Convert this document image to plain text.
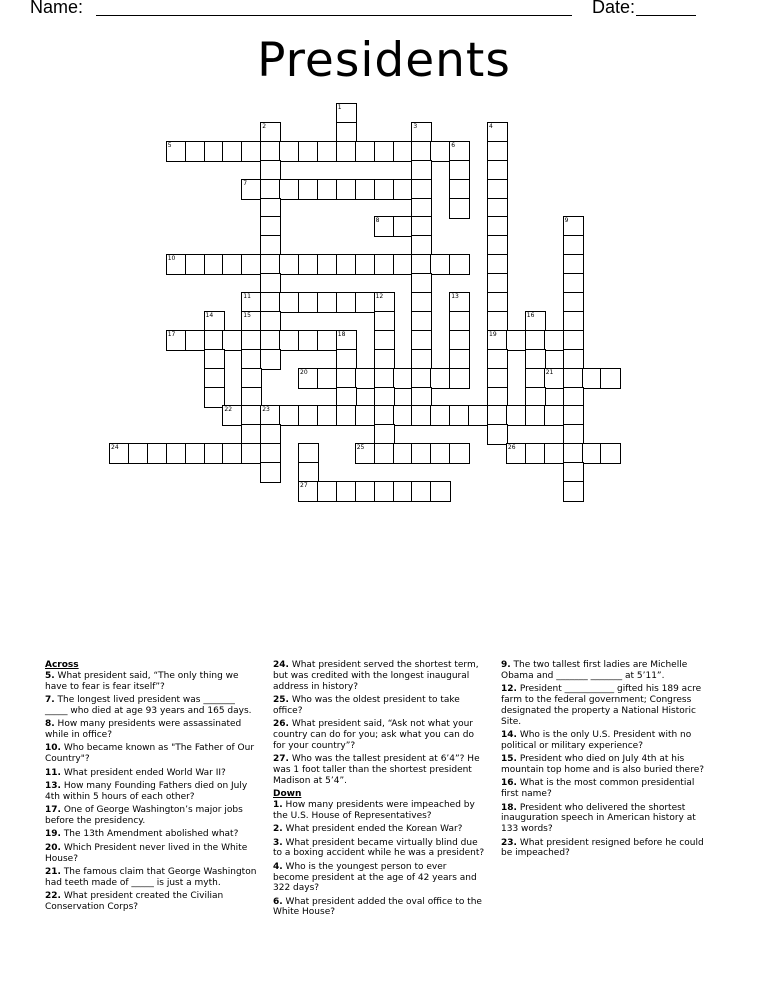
Name:	Date:
Presidents
1
2	3	4
5	6
7
8	9
10
11	12	13
14	15	16
17	18	19
20	21
22	23
24	25	26
27
Across
5. What president said, “The only thing we have to fear is fear itself”?
7. The longest lived president was _______ _____ who died at age 93 years and 165 days.
8. How many presidents were assassinated while in office?
10. Who became known as "The Father of Our Country"?
11. What president ended World War II?
13. How many Founding Fathers died on July 4th within 5 hours of each other?
17. One of George Washington’s major jobs before the presidency.
19. The 13th Amendment abolished what?
20. Which President never lived in the White House?
21. The famous claim that George Washington had teeth made of _____ is just a myth.
22. What president created the Civilian Conservation Corps?
24. What president served the shortest term, but was credited with the longest inaugural address in history?
25. Who was the oldest president to take office?
26. What president said, “Ask not what your country can do for you; ask what you can do for your country”?
27. Who was the tallest president at 6’4”? He was 1 foot taller than the shortest president Madison at 5’4”.
Down
1. How many presidents were impeached by the U.S. House of Representatives?
2. What president ended the Korean War?
3. What president became virtually blind due to a boxing accident while he was a president?
4. Who is the youngest person to ever become president at the age of 42 years and 322 days?
6. What president added the oval office to the White House?
9. The two tallest first ladies are Michelle Obama and _______ _______ at 5’11”.
12. President ___________ gifted his 189 acre farm to the federal government; Congress designated the property a National Historic Site.
14. Who is the only U.S. President with no political or military experience?
15. President who died on July 4th at his mountain top home and is also buried there?
16. What is the most common presidential first name?
18. President who delivered the shortest inauguration speech in American history at 133 words?
23. What president resigned before he could be impeached?
